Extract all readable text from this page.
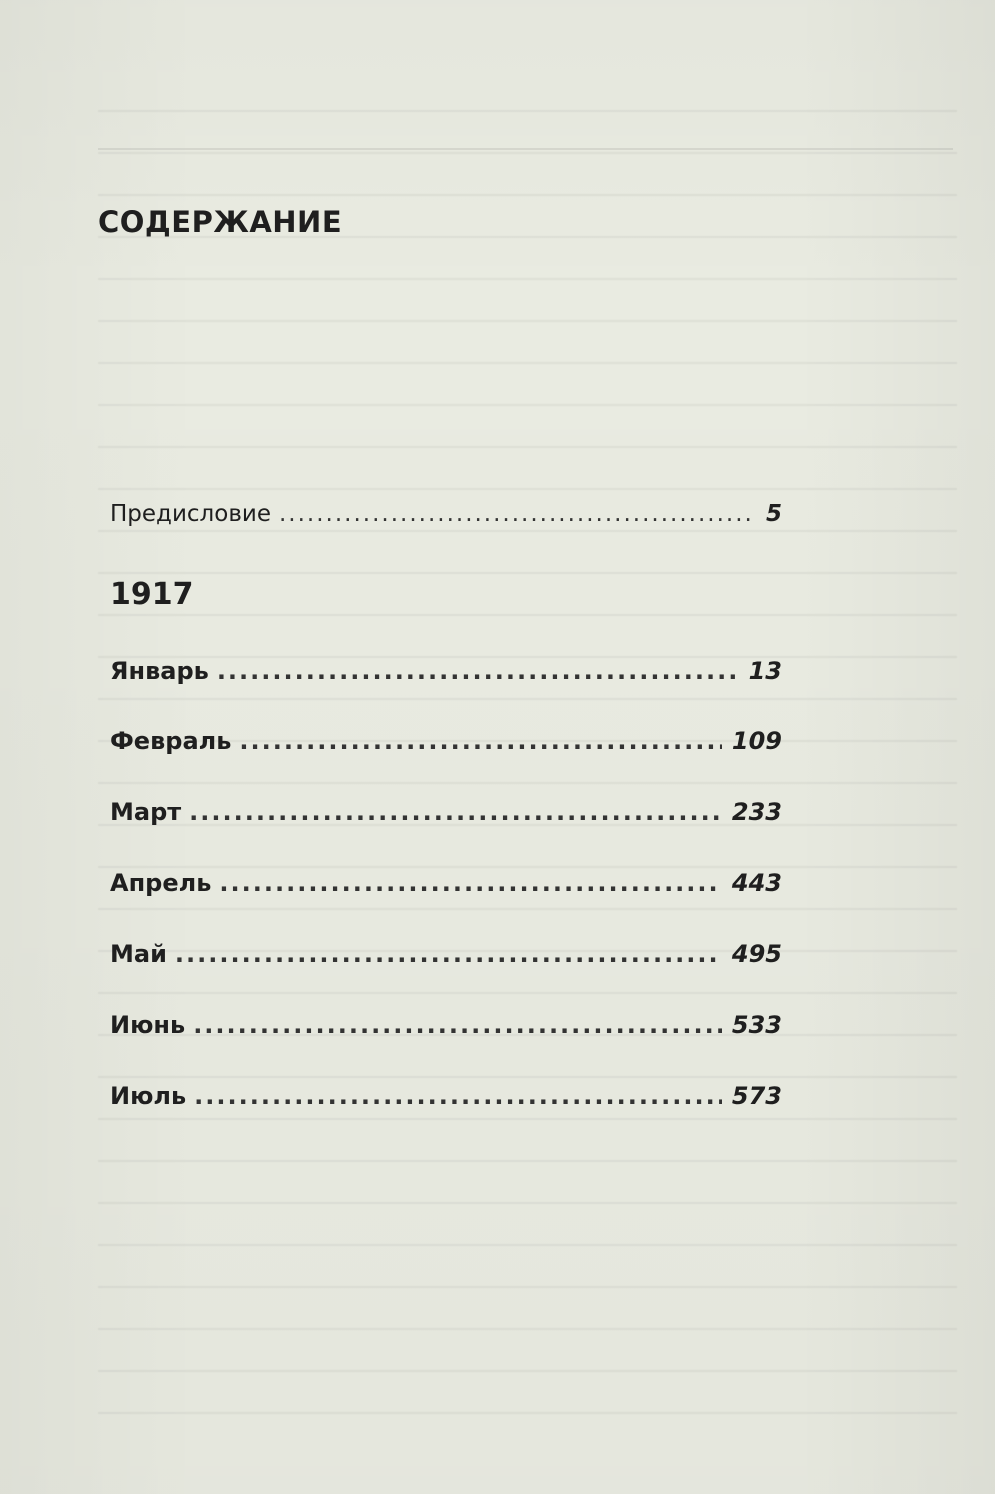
СОДЕРЖАНИЕ
Предисловие .....	5
1917
Январь .....	13
Февраль .....	109
Март .....	233
Апрель .....	443
Май .....	495
Июнь .....	533
Июль .....	573
